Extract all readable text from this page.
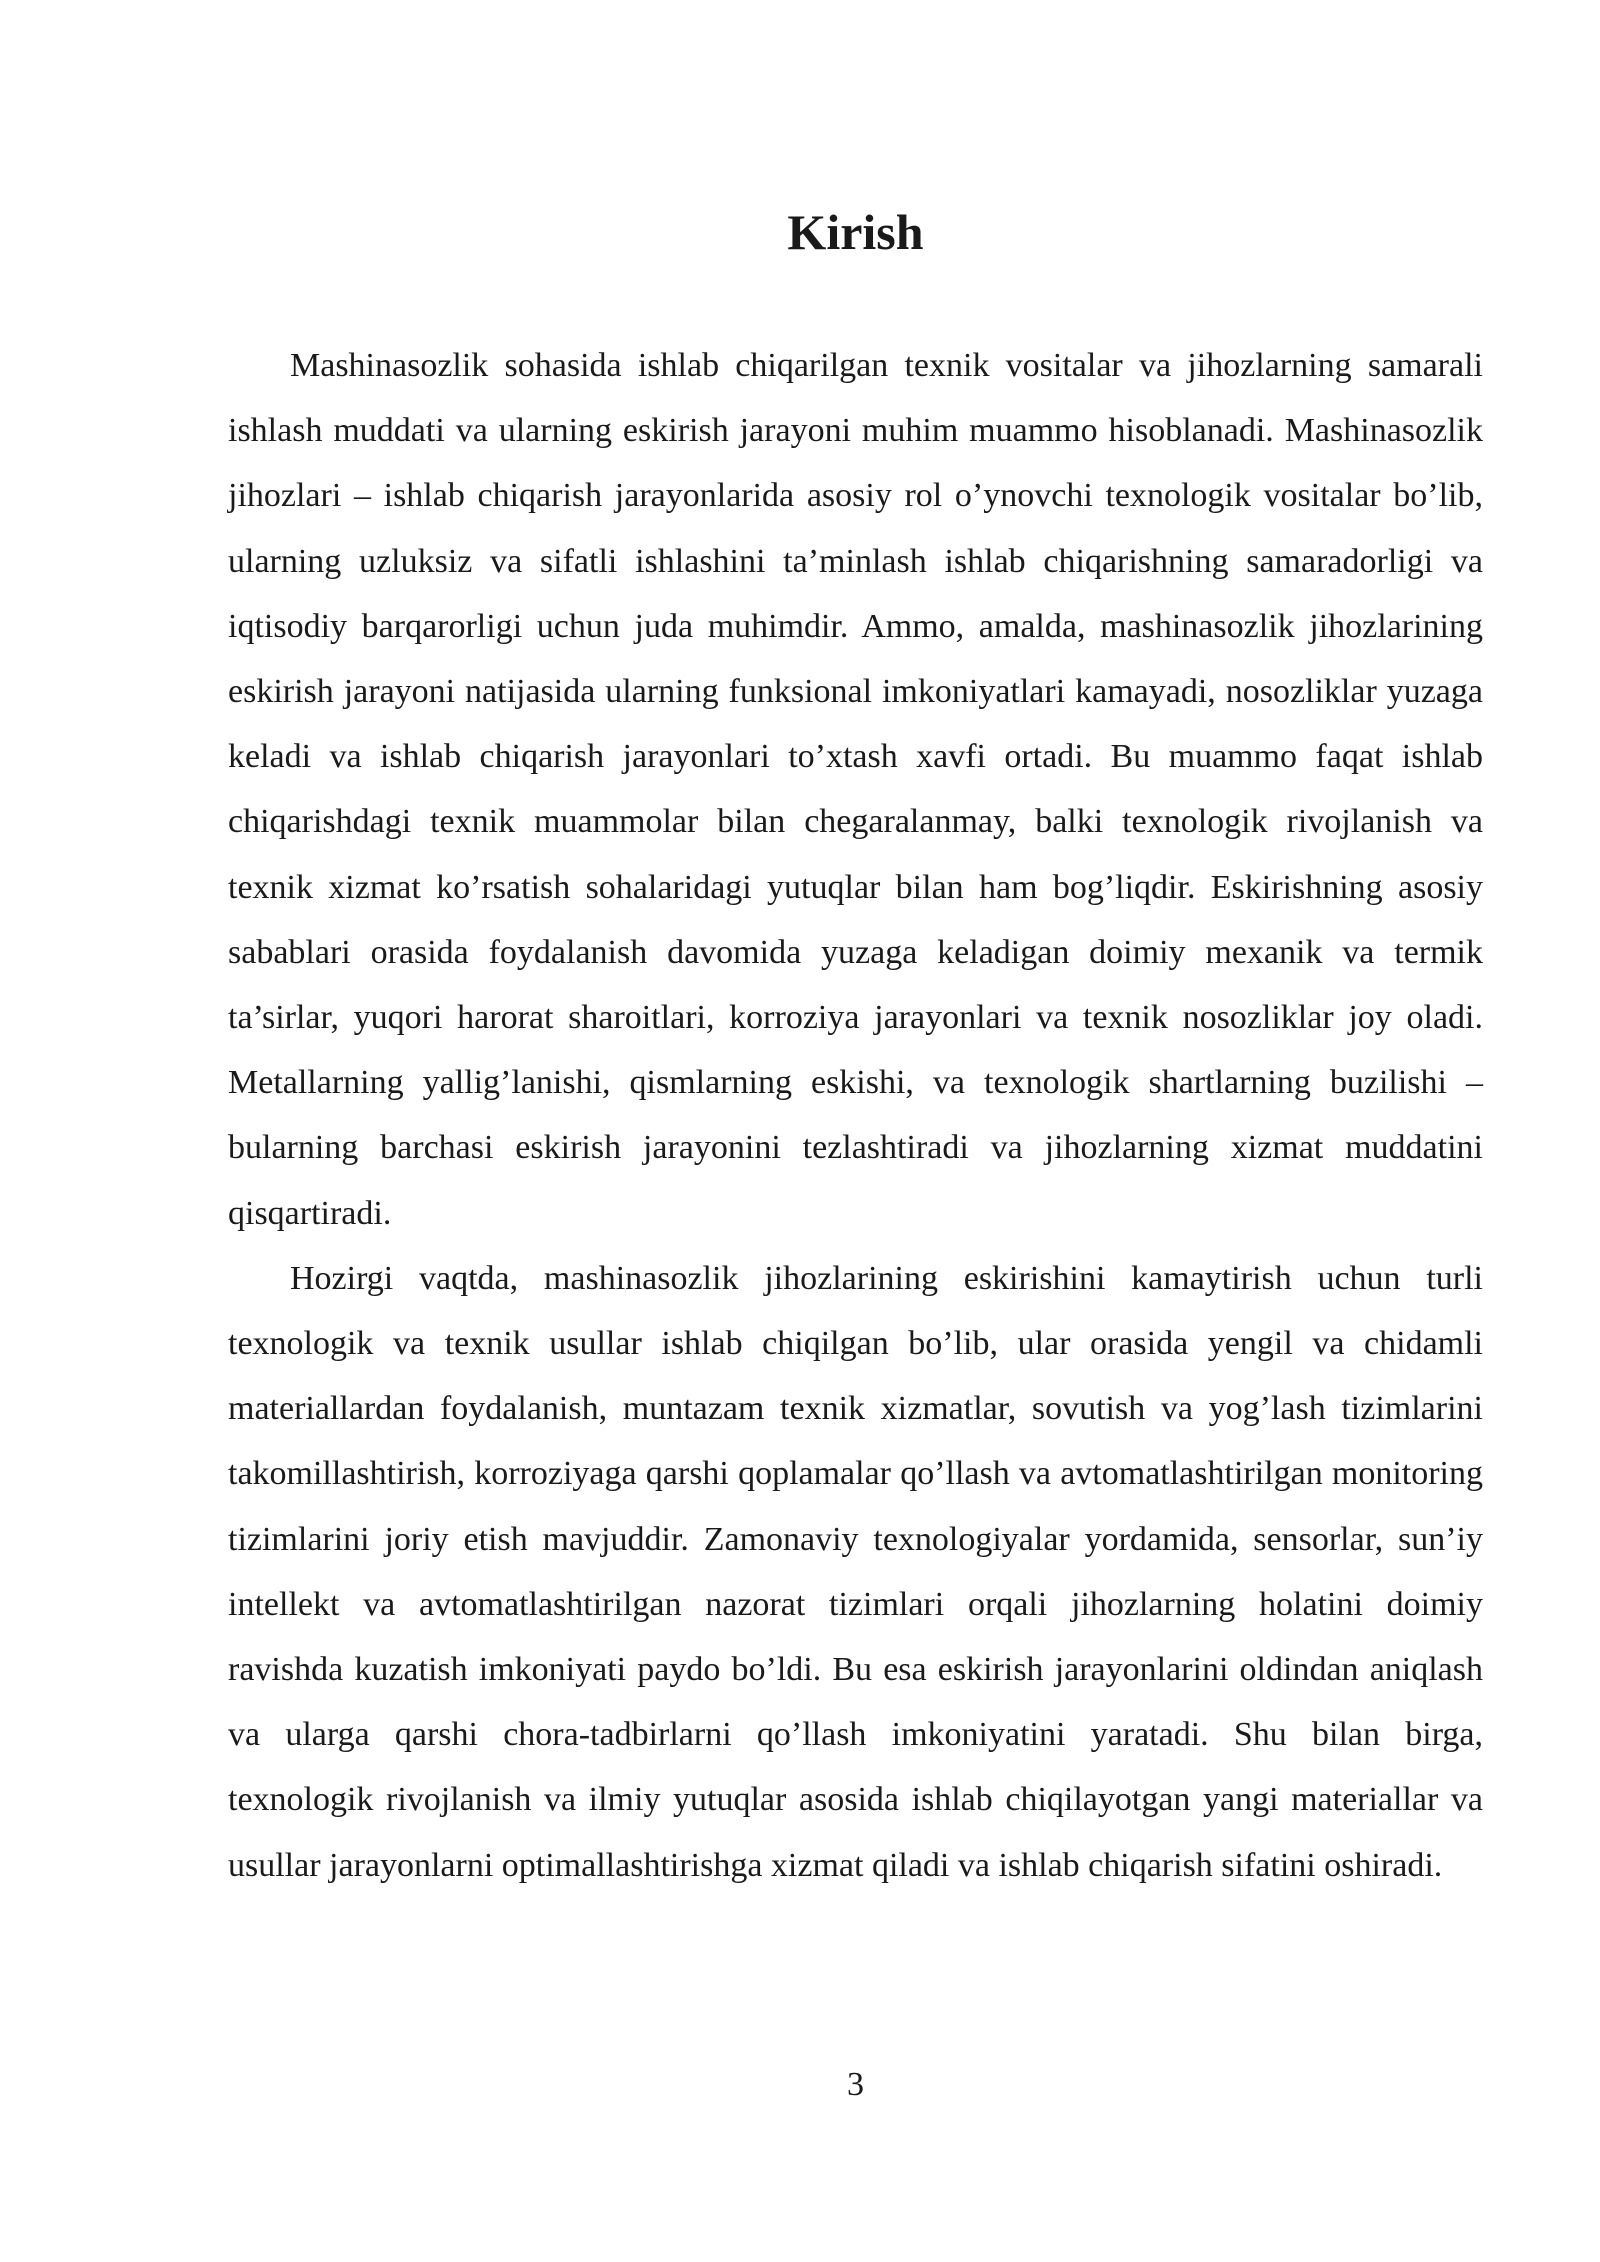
Kirish

Mashinasozlik sohasida ishlab chiqarilgan texnik vositalar va jihozlarning samarali ishlash muddati va ularning eskirish jarayoni muhim muammo hisoblanadi. Mashinasozlik jihozlari – ishlab chiqarish jarayonlarida asosiy rol o’ynovchi texnologik vositalar bo’lib, ularning uzluksiz va sifatli ishlashini ta’minlash ishlab chiqarishning samaradorligi va iqtisodiy barqarorligi uchun juda muhimdir. Ammo, amalda, mashinasozlik jihozlarining eskirish jarayoni natijasida ularning funksional imkoniyatlari kamayadi, nosozliklar yuzaga keladi va ishlab chiqarish jarayonlari to’xtash xavfi ortadi. Bu muammo faqat ishlab chiqarishdagi texnik muammolar bilan chegaralanmay, balki texnologik rivojlanish va texnik xizmat ko’rsatish sohalaridagi yutuqlar bilan ham bog’liqdir. Eskirishning asosiy sabablari orasida foydalanish davomida yuzaga keladigan doimiy mexanik va termik ta’sirlar, yuqori harorat sharoitlari, korroziya jarayonlari va texnik nosozliklar joy oladi. Metallarning yallig’lanishi, qismlarning eskishi, va texnologik shartlarning buzilishi – bularning barchasi eskirish jarayonini tezlashtiradi va jihozlarning xizmat muddatini qisqartiradi.

Hozirgi vaqtda, mashinasozlik jihozlarining eskirishini kamaytirish uchun turli texnologik va texnik usullar ishlab chiqilgan bo’lib, ular orasida yengil va chidamli materiallardan foydalanish, muntazam texnik xizmatlar, sovutish va yog’lash tizimlarini takomillashtirish, korroziyaga qarshi qoplamalar qo’llash va avtomatlashtirilgan monitoring tizimlarini joriy etish mavjuddir. Zamonaviy texnologiyalar yordamida, sensorlar, sun’iy intellekt va avtomatlashtirilgan nazorat tizimlari orqali jihozlarning holatini doimiy ravishda kuzatish imkoniyati paydo bo’ldi. Bu esa eskirish jarayonlarini oldindan aniqlash va ularga qarshi chora-tadbirlarni qo’llash imkoniyatini yaratadi. Shu bilan birga, texnologik rivojlanish va ilmiy yutuqlar asosida ishlab chiqilayotgan yangi materiallar va usullar jarayonlarni optimallashtirishga xizmat qiladi va ishlab chiqarish sifatini oshiradi.

3
